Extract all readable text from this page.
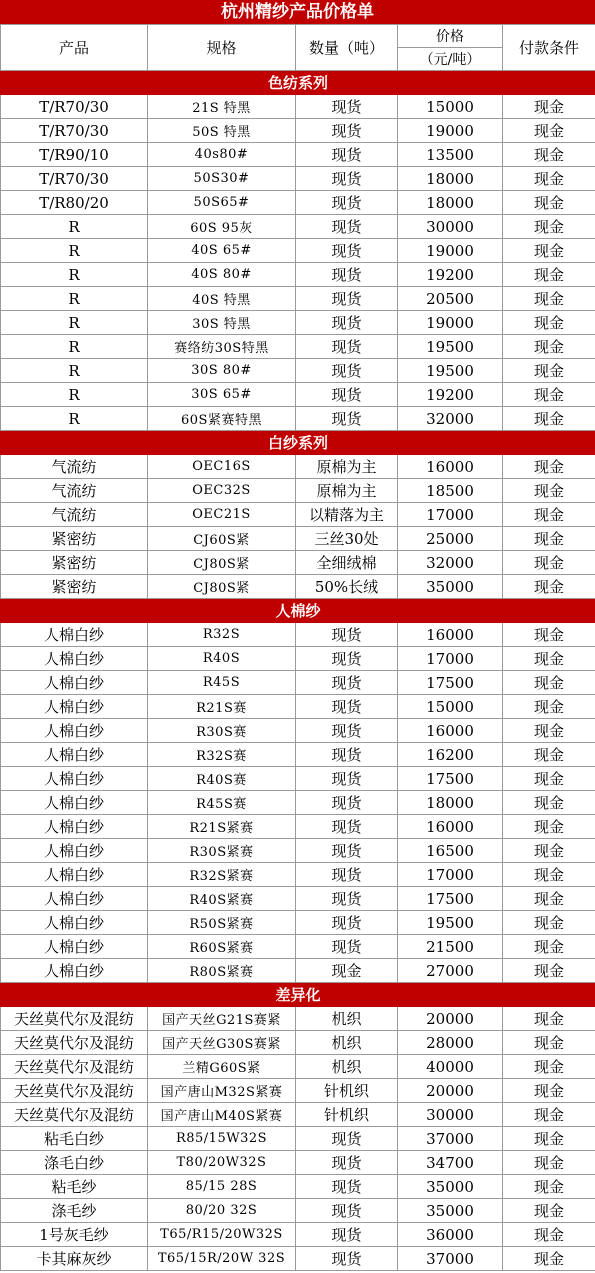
杭州精纱产品价格单
产品	规格	数量（吨）	价格	付款条件
			（元/吨）	
色纺系列				
T/R70/30	21S 特黑	现货	15000	现金
T/R70/30	50S 特黑	现货	19000	现金
T/R90/10	40s80#	现货	13500	现金
T/R70/30	50S30#	现货	18000	现金
T/R80/20	50S65#	现货	18000	现金
R	60S 95灰	现货	30000	现金
R	40S 65#	现货	19000	现金
R	40S 80#	现货	19200	现金
R	40S 特黑	现货	20500	现金
R	30S 特黑	现货	19000	现金
R	赛络纺30S特黑	现货	19500	现金
R	30S 80#	现货	19500	现金
R	30S 65#	现货	19200	现金
R	60S紧赛特黑	现货	32000	现金
白纱系列				
气流纺	OEC16S	原棉为主	16000	现金
气流纺	OEC32S	原棉为主	18500	现金
气流纺	OEC21S	以精落为主	17000	现金
紧密纺	CJ60S紧	三丝30处	25000	现金
紧密纺	CJ80S紧	全细绒棉	32000	现金
紧密纺	CJ80S紧	50%长绒	35000	现金
人棉纱				
人棉白纱	R32S	现货	16000	现金
人棉白纱	R40S	现货	17000	现金
人棉白纱	R45S	现货	17500	现金
人棉白纱	R21S赛	现货	15000	现金
人棉白纱	R30S赛	现货	16000	现金
人棉白纱	R32S赛	现货	16200	现金
人棉白纱	R40S赛	现货	17500	现金
人棉白纱	R45S赛	现货	18000	现金
人棉白纱	R21S紧赛	现货	16000	现金
人棉白纱	R30S紧赛	现货	16500	现金
人棉白纱	R32S紧赛	现货	17000	现金
人棉白纱	R40S紧赛	现货	17500	现金
人棉白纱	R50S紧赛	现货	19500	现金
人棉白纱	R60S紧赛	现货	21500	现金
人棉白纱	R80S紧赛	现金	27000	现金
差异化				
天丝莫代尔及混纺	国产天丝G21S赛紧	机织	20000	现金
天丝莫代尔及混纺	国产天丝G30S赛紧	机织	28000	现金
天丝莫代尔及混纺	兰精G60S紧	机织	40000	现金
天丝莫代尔及混纺	国产唐山M32S紧赛	针机织	20000	现金
天丝莫代尔及混纺	国产唐山M40S紧赛	针机织	30000	现金
粘毛白纱	R85/15W32S	现货	37000	现金
涤毛白纱	T80/20W32S	现货	34700	现金
粘毛纱	85/15 28S	现货	35000	现金
涤毛纱	80/20 32S	现货	35000	现金
1号灰毛纱	T65/R15/20W32S	现货	36000	现金
卡其麻灰纱	T65/15R/20W 32S	现货	37000	现金
